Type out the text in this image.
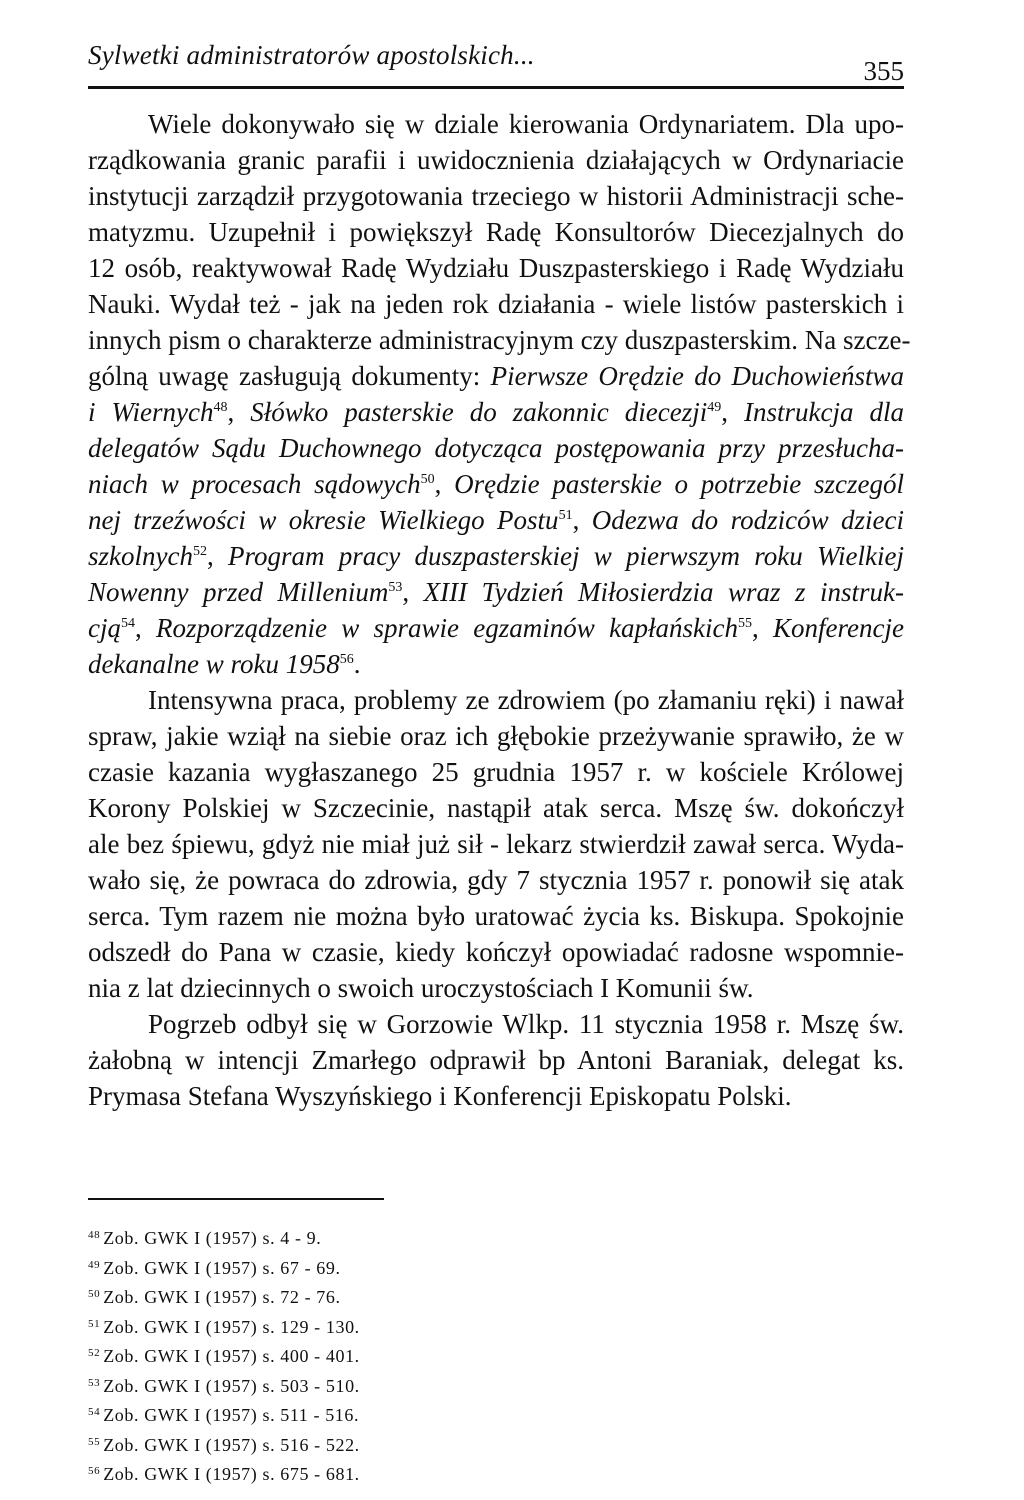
Sylwetki administratorów apostolskich...
355
Wiele dokonywało się w dziale kierowania Ordynariatem. Dla upo-
rządkowania granic parafii i uwidocznienia działających w Ordynariacie
instytucji zarządził przygotowania trzeciego w historii Administracji sche-
matyzmu. Uzupełnił i powiększył Radę Konsultorów Diecezjalnych do
12 osób, reaktywował Radę Wydziału Duszpasterskiego i Radę Wydziału
Nauki. Wydał też - jak na jeden rok działania - wiele listów pasterskich i
innych pism o charakterze administracyjnym czy duszpasterskim. Na szcze-
gólną uwagę zasługują dokumenty: Pierwsze Orędzie do Duchowieństwa
i Wiernych$^{48}$, Słówko pasterskie do zakonnic diecezji$^{49}$, Instrukcja dla
delegatów Sądu Duchownego dotycząca postępowania przy przesłucha-
niach w procesach sądowych$^{50}$, Orędzie pasterskie o potrzebie szczegól
nej trzeźwości w okresie Wielkiego Postu$^{51}$, Odezwa do rodziców dzieci
szkolnych$^{52}$, Program pracy duszpasterskiej w pierwszym roku Wielkiej
Nowenny przed Millenium$^{53}$, XIII Tydzień Miłosierdzia wraz z instruk-
cją$^{54}$, Rozporządzenie w sprawie egzaminów kapłańskich$^{55}$, Konferencje
dekanalne w roku 1958$^{56}$.
Intensywna praca, problemy ze zdrowiem (po złamaniu ręki) i nawał
spraw, jakie wziął na siebie oraz ich głębokie przeżywanie sprawiło, że w
czasie kazania wygłaszanego 25 grudnia 1957 r. w kościele Królowej
Korony Polskiej w Szczecinie, nastąpił atak serca. Mszę św. dokończył
ale bez śpiewu, gdyż nie miał już sił - lekarz stwierdził zawał serca. Wyda-
wało się, że powraca do zdrowia, gdy 7 stycznia 1957 r. ponowił się atak
serca. Tym razem nie można było uratować życia ks. Biskupa. Spokojnie
odszedł do Pana w czasie, kiedy kończył opowiadać radosne wspomnie-
nia z lat dziecinnych o swoich uroczystościach I Komunii św.
Pogrzeb odbył się w Gorzowie Wlkp. 11 stycznia 1958 r. Mszę św.
żałobną w intencji Zmarłego odprawił bp Antoni Baraniak, delegat ks.
Prymasa Stefana Wyszyńskiego i Konferencji Episkopatu Polski.
$^{48}$ Zob. GWK I (1957) s. 4 - 9.
$^{49}$ Zob. GWK I (1957) s. 67 - 69.
$^{50}$ Zob. GWK I (1957) s. 72 - 76.
$^{51}$ Zob. GWK I (1957) s. 129 - 130.
$^{52}$ Zob. GWK I (1957) s. 400 - 401.
$^{53}$ Zob. GWK I (1957) s. 503 - 510.
$^{54}$ Zob. GWK I (1957) s. 511 - 516.
$^{55}$ Zob. GWK I (1957) s. 516 - 522.
$^{56}$ Zob. GWK I (1957) s. 675 - 681.
